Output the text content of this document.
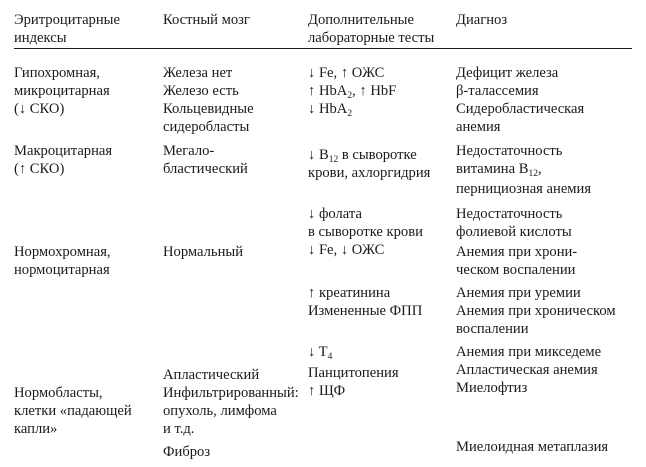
Эритроцитарные
индексы
Костный мозг	Дополнительные
лабораторные тесты
Диагноз
Гипохромная,
микроцитарная
(↓ СКО)
Макроцитарная
(↑ СКО)
Нормохромная,
нормоцитарная
Нормобласты,
клетки «падающей
капли»
Железа нет
Железо есть
Кольцевидные
сидеробласты
Мегало-
бластический
Нормальный
Апластический
Инфильтрированный:
опухоль, лимфома
и т.д.
Фиброз
↓ Fe, ↑ ОЖС
↑ HbA$_2$, ↑ HbF
↓ HbA$_2$
↓ $B_{12}$ в сыворотке
крови, ахлоргидрия
↓ фолата
в сыворотке крови
↓ Fe, ↓ ОЖС
↑ креатинина
Измененные ФПП
↓ $T_4$
Панцитопения
↑ ЩФ
Дефицит железа
β-талассемия
Сидеробластическая
анемия
Недостаточность
витамина $B_{12}$,
пернициозная анемия
Недостаточность
фолиевой кислоты
Анемия при хрони-
ческом воспалении
Анемия при уремии
Анемия при хроническом
воспалении
Анемия при микседеме
Апластическая анемия
Миелофтиз
Миелоидная метаплазия
